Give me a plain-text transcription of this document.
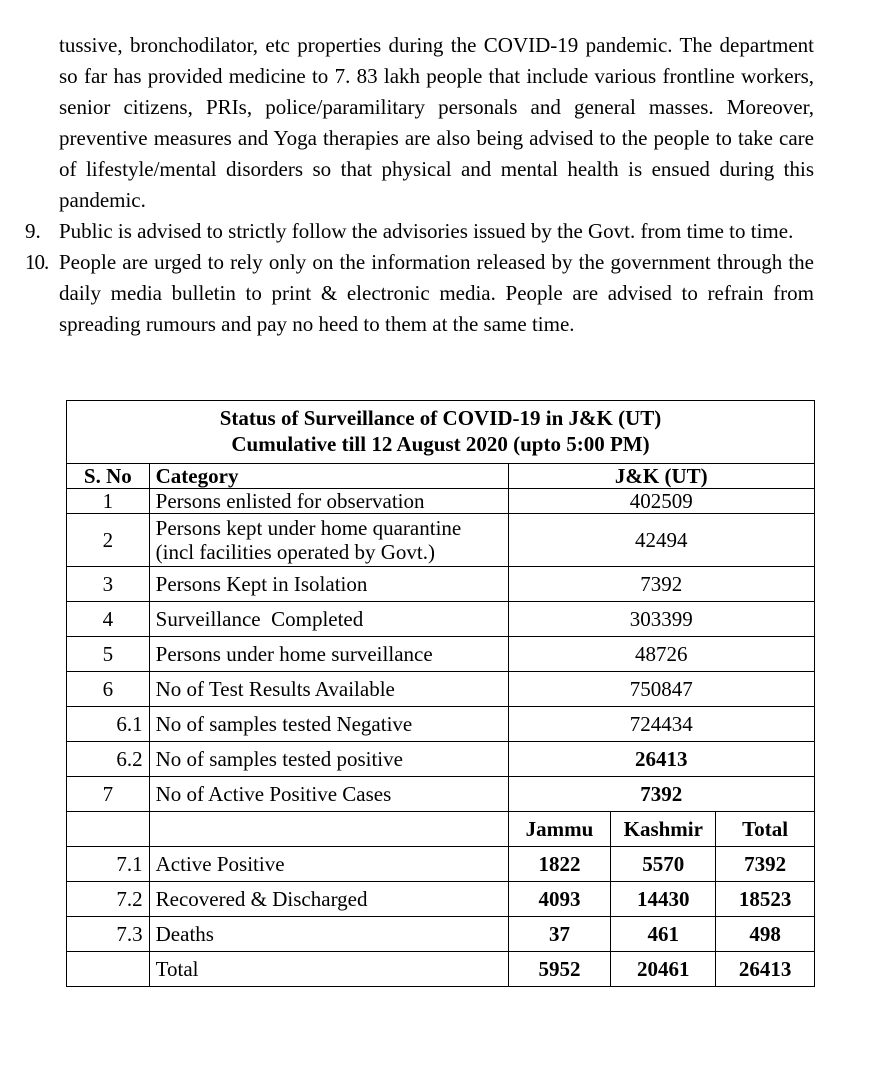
tussive, bronchodilator, etc properties during the COVID-19 pandemic. The department so far has provided medicine to 7. 83 lakh people that include various frontline workers, senior citizens, PRIs, police/paramilitary personals and general masses. Moreover, preventive measures and Yoga therapies are also being advised to the people to take care of lifestyle/mental disorders so that physical and mental health is ensued during this pandemic.

9. Public is advised to strictly follow the advisories issued by the Govt. from time to time.
10. People are urged to rely only on the information released by the government through the daily media bulletin to print & electronic media. People are advised to refrain from spreading rumours and pay no heed to them at the same time.
Status of Surveillance of COVID-19 in J&K (UT)
Cumulative till 12 August 2020 (upto 5:00 PM)				

S. No	Category	J&K (UT)		
1	Persons enlisted for observation	402509		
2	Persons kept under home quarantine (incl facilities operated by Govt.)	42494		
3	Persons Kept in Isolation	7392		
4	Surveillance  Completed	303399		
5	Persons under home surveillance	48726		
6	No of Test Results Available	750847		
6.1	No of samples tested Negative	724434		
6.2	No of samples tested positive	26413		
7	No of Active Positive Cases	7392		
		Jammu	Kashmir	Total
7.1	Active Positive	1822	5570	7392
7.2	Recovered & Discharged	4093	14430	18523
7.3	Deaths	37	461	498
	Total	5952	20461	26413
